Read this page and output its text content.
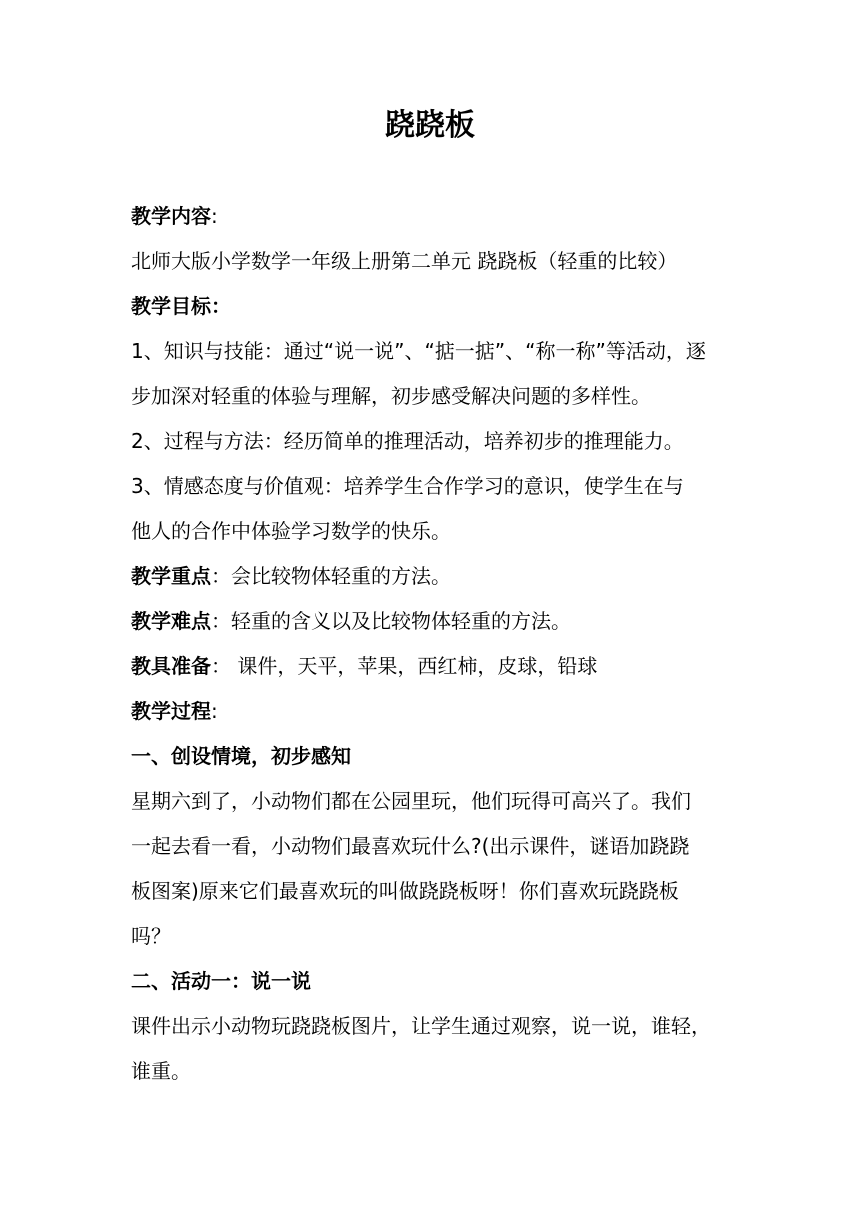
跷跷板

教学内容:

北师大版小学数学一年级上册第二单元 跷跷板（轻重的比较）

教学目标：

1、知识与技能：通过“说一说”、“掂一掂”、“称一称”等活动，逐

步加深对轻重的体验与理解，初步感受解决问题的多样性。

2、过程与方法：经历简单的推理活动，培养初步的推理能力。

3、情感态度与价值观：培养学生合作学习的意识，使学生在与

他人的合作中体验学习数学的快乐。

教学重点：会比较物体轻重的方法。

教学难点：轻重的含义以及比较物体轻重的方法。

教具准备： 课件，天平，苹果，西红柿，皮球，铅球

教学过程:

一、创设情境，初步感知

星期六到了，小动物们都在公园里玩，他们玩得可高兴了。我们

一起去看一看，小动物们最喜欢玩什么?(出示课件，谜语加跷跷

板图案)原来它们最喜欢玩的叫做跷跷板呀！你们喜欢玩跷跷板

吗？

二、活动一：说一说

课件出示小动物玩跷跷板图片，让学生通过观察，说一说，谁轻，

谁重。
